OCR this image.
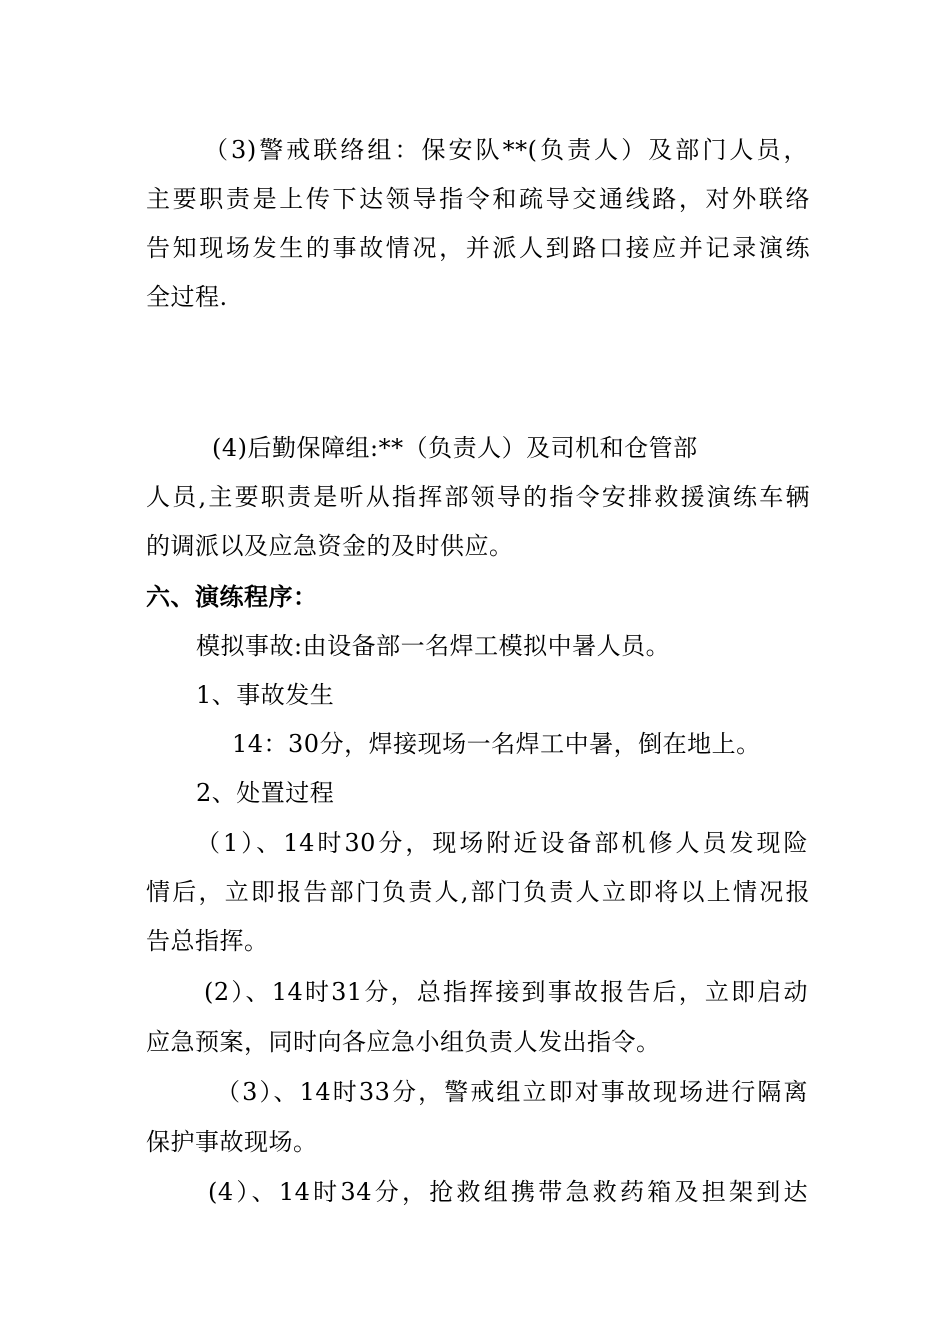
（3)警戒联络组：保安队**(负责人）及部门人员，
主要职责是上传下达领导指令和疏导交通线路，对外联络
告知现场发生的事故情况，并派人到路口接应并记录演练
全过程.
(4)后勤保障组:**（负责人）及司机和仓管部
人员,主要职责是听从指挥部领导的指令安排救援演练车辆
的调派以及应急资金的及时供应。
六、演练程序：
模拟事故:由设备部一名焊工模拟中暑人员。
1、事故发生
14：30分，焊接现场一名焊工中暑，倒在地上。
2、处置过程
（1）、14时30分，现场附近设备部机修人员发现险
情后，立即报告部门负责人,部门负责人立即将以上情况报
告总指挥。
(2）、14时31分，总指挥接到事故报告后，立即启动
应急预案，同时向各应急小组负责人发出指令。
（3）、14时33分，警戒组立即对事故现场进行隔离
保护事故现场。
(4）、14时34分，抢救组携带急救药箱及担架到达
